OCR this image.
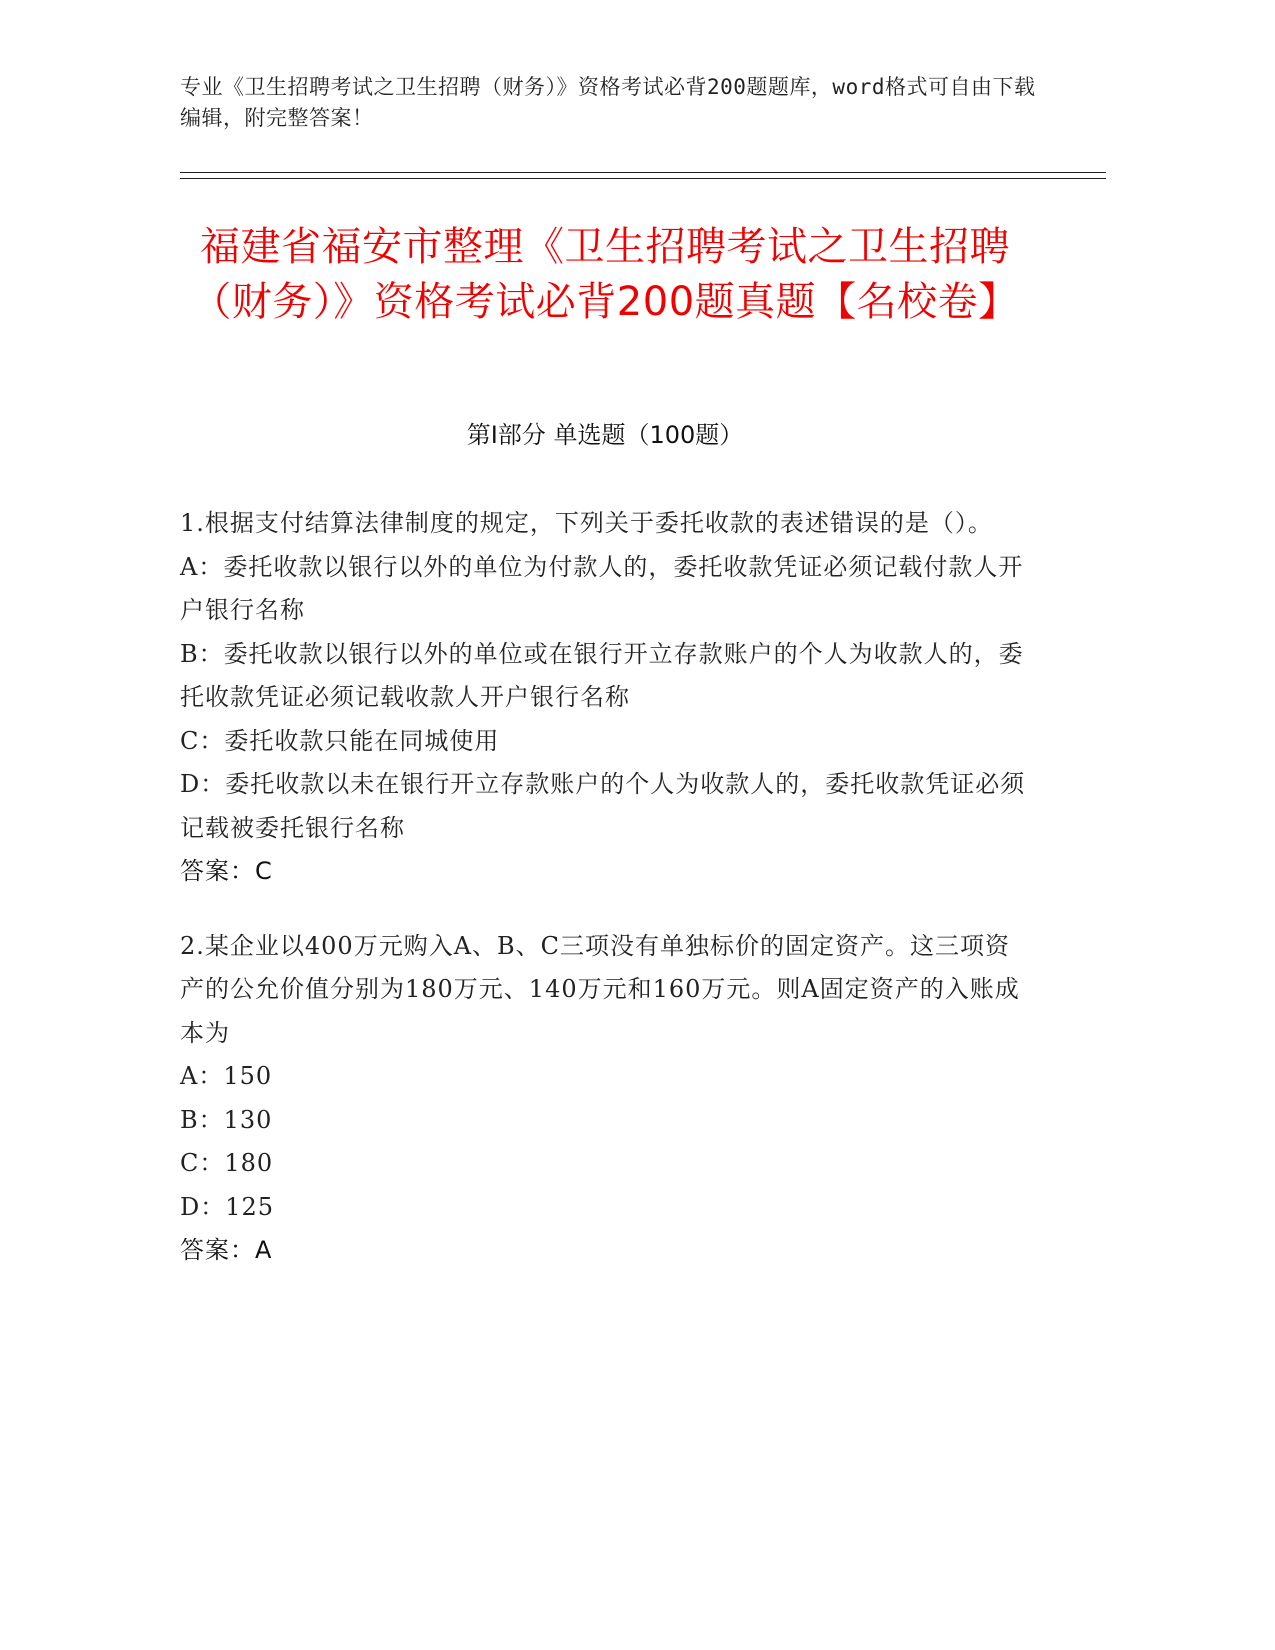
专业《卫生招聘考试之卫生招聘（财务）》资格考试必背200题题库，word格式可自由下载编辑，附完整答案！
福建省福安市整理《卫生招聘考试之卫生招聘（财务）》资格考试必背200题真题【名校卷】
第I部分 单选题（100题）

1.根据支付结算法律制度的规定，下列关于委托收款的表述错误的是（）。

A：委托收款以银行以外的单位为付款人的，委托收款凭证必须记载付款人开户银行名称

B：委托收款以银行以外的单位或在银行开立存款账户的个人为收款人的，委托收款凭证必须记载收款人开户银行名称

C：委托收款只能在同城使用

D：委托收款以未在银行开立存款账户的个人为收款人的，委托收款凭证必须记载被委托银行名称

答案：C

2.某企业以400万元购入A、B、C三项没有单独标价的固定资产。这三项资产的公允价值分别为180万元、140万元和160万元。则A固定资产的入账成本为

A：150

B：130

C：180

D：125

答案：A
